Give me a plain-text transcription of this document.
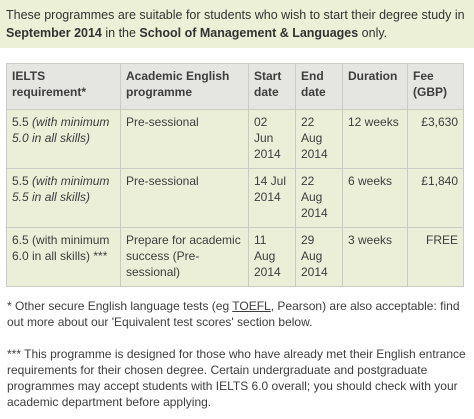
These programmes are suitable for students who wish to start their degree study in September 2014 in the School of Management & Languages only.
IELTS requirement*	Academic English programme	Start date	End date	Duration	Fee (GBP)
5.5 (with minimum 5.0 in all skills)	Pre-sessional	02 Jun 2014	22 Aug 2014	12 weeks	£3,630
5.5 (with minimum 5.5 in all skills)	Pre-sessional	14 Jul 2014	22 Aug 2014	6 weeks	£1,840
6.5 (with minimum 6.0 in all skills) ***	Prepare for academic success (Pre-sessional)	11 Aug 2014	29 Aug 2014	3 weeks	FREE
* Other secure English language tests (eg TOEFL, Pearson) are also acceptable: find out more about our 'Equivalent test scores' section below.
*** This programme is designed for those who have already met their English entrance requirements for their chosen degree. Certain undergraduate and postgraduate programmes may accept students with IELTS 6.0 overall; you should check with your academic department before applying.
